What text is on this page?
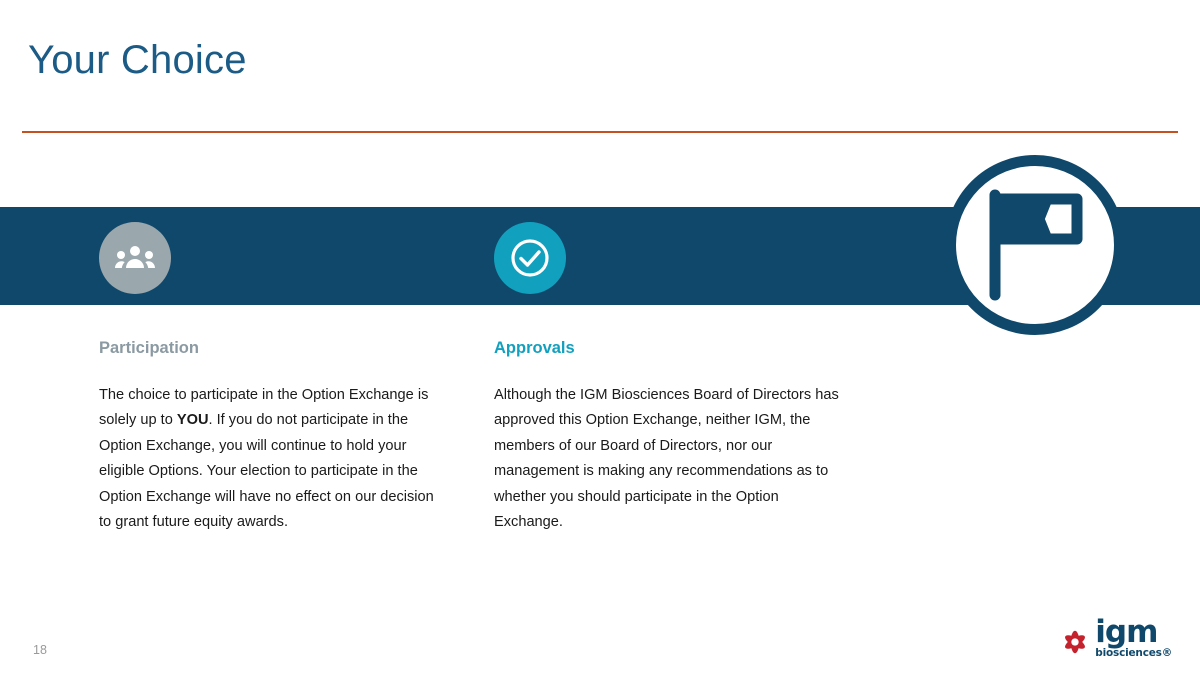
Your Choice
Participation
The choice to participate in the Option Exchange is solely up to YOU. If you do not participate in the Option Exchange, you will continue to hold your eligible Options. Your election to participate in the Option Exchange will have no effect on our decision to grant future equity awards.
Approvals
Although the IGM Biosciences Board of Directors has approved this Option Exchange, neither IGM, the members of our Board of Directors, nor our management is making any recommendations as to whether you should participate in the Option Exchange.
18
igm
biosciences®
